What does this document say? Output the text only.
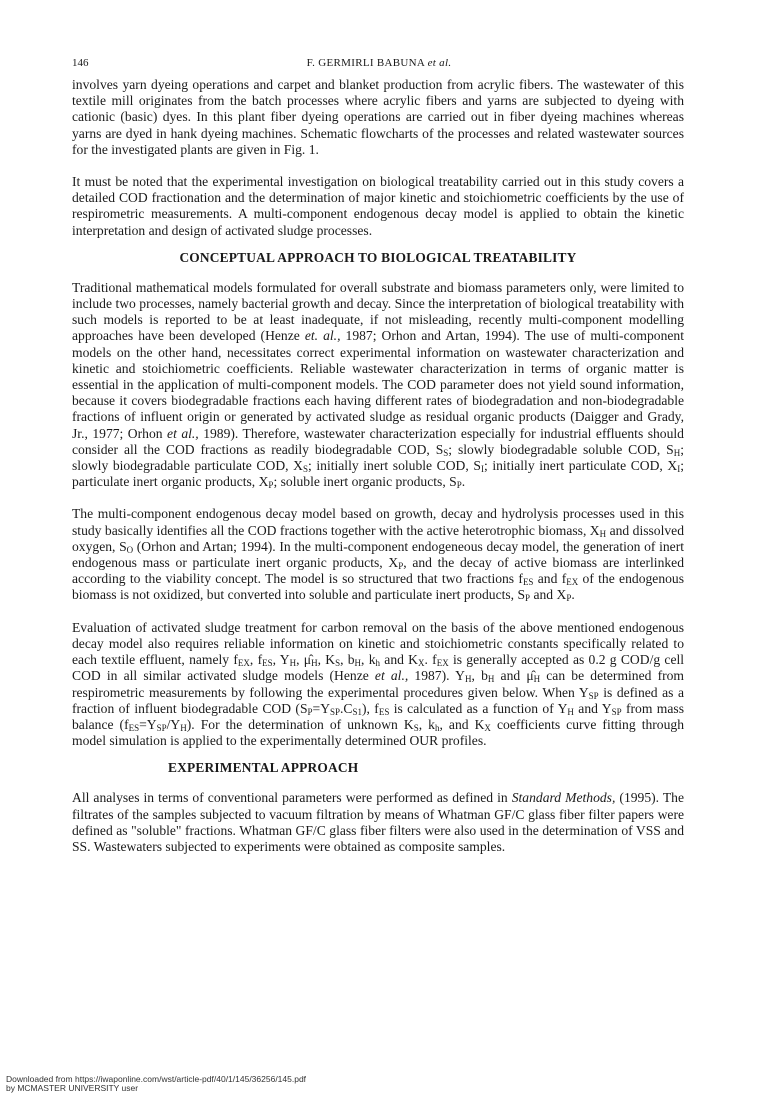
146	F. GERMIRLI BABUNA et al.

involves yarn dyeing operations and carpet and blanket production from acrylic fibers. The wastewater of this textile mill originates from the batch processes where acrylic fibers and yarns are subjected to dyeing with cationic (basic) dyes. In this plant fiber dyeing operations are carried out in fiber dyeing machines whereas yarns are dyed in hank dyeing machines. Schematic flowcharts of the processes and related wastewater sources for the investigated plants are given in Fig. 1.

It must be noted that the experimental investigation on biological treatability carried out in this study covers a detailed COD fractionation and the determination of major kinetic and stoichiometric coefficients by the use of respirometric measurements. A multi-component endogenous decay model is applied to obtain the kinetic interpretation and design of activated sludge processes.

CONCEPTUAL APPROACH TO BIOLOGICAL TREATABILITY

Traditional mathematical models formulated for overall substrate and biomass parameters only, were limited to include two processes, namely bacterial growth and decay. Since the interpretation of biological treatability with such models is reported to be at least inadequate, if not misleading, recently multi-component modelling approaches have been developed (Henze et. al., 1987; Orhon and Artan, 1994). The use of multi-component models on the other hand, necessitates correct experimental information on wastewater characterization and kinetic and stoichiometric coefficients. Reliable wastewater characterization in terms of organic matter is essential in the application of multi-component models. The COD parameter does not yield sound information, because it covers biodegradable fractions each having different rates of biodegradation and non-biodegradable fractions of influent origin or generated by activated sludge as residual organic products (Daigger and Grady, Jr., 1977; Orhon et al., 1989). Therefore, wastewater characterization especially for industrial effluents should consider all the COD fractions as readily biodegradable COD, $S_S$; slowly biodegradable soluble COD, $S_H$; slowly biodegradable particulate COD, $X_S$; initially inert soluble COD, $S_I$; initially inert particulate COD, $X_I$; particulate inert organic products, $X_P$; soluble inert organic products, $S_P$.

The multi-component endogenous decay model based on growth, decay and hydrolysis processes used in this study basically identifies all the COD fractions together with the active heterotrophic biomass, $X_H$ and dissolved oxygen, $S_O$ (Orhon and Artan; 1994). In the multi-component endogeneous decay model, the generation of inert endogenous mass or particulate inert organic products, $X_P$, and the decay of active biomass are interlinked according to the viability concept. The model is so structured that two fractions $f_{ES}$ and $f_{EX}$ of the endogenous biomass is not oxidized, but converted into soluble and particulate inert products, $S_P$ and $X_P$.

Evaluation of activated sludge treatment for carbon removal on the basis of the above mentioned endogenous decay model also requires reliable information on kinetic and stoichiometric constants specifically related to each textile effluent, namely $f_{EX}$, $f_{ES}$, $Y_H$, $\mû_H$, $K_S$, $b_H$, $k_h$ and $K_X$. $f_{EX}$ is generally accepted as 0.2 g COD/g cell COD in all similar activated sludge models (Henze et al., 1987). $Y_H$, $b_H$ and $\mû_H$ can be determined from respirometric measurements by following the experimental procedures given below. When $Y_{SP}$ is defined as a fraction of influent biodegradable COD $(S_P=Y_{SP}.C_{S1})$, $f_{ES}$ is calculated as a function of $Y_H$ and $Y_{SP}$ from mass balance $(f_{ES}=Y_{SP}/Y_H)$. For the determination of unknown $K_S$, $k_h$, and $K_X$ coefficients curve fitting through model simulation is applied to the experimentally determined OUR profiles.

EXPERIMENTAL APPROACH

All analyses in terms of conventional parameters were performed as defined in Standard Methods, (1995). The filtrates of the samples subjected to vacuum filtration by means of Whatman GF/C glass fiber filter papers were defined as "soluble" fractions. Whatman GF/C glass fiber filters were also used in the determination of VSS and SS. Wastewaters subjected to experiments were obtained as composite samples.

Downloaded from https://iwaponline.com/wst/article-pdf/40/1/145/36256/145.pdf
by MCMASTER UNIVERSITY user
